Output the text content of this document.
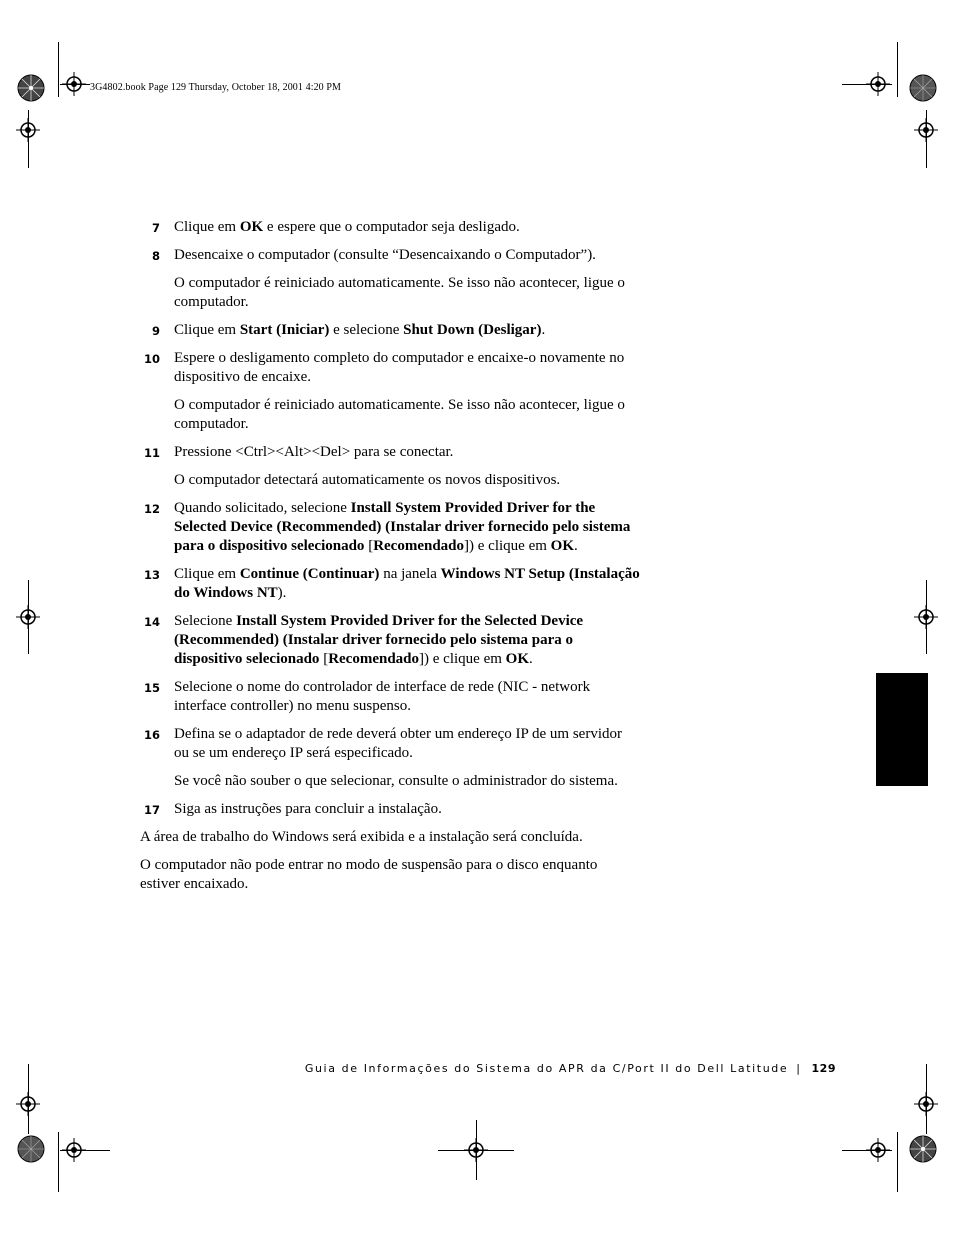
3G4802.book Page 129 Thursday, October 18, 2001 4:20 PM
7 Clique em OK e espere que o computador seja desligado.
8 Desencaixe o computador (consulte “Desencaixando o Computador”).
O computador é reiniciado automaticamente. Se isso não acontecer, ligue o computador.
9 Clique em Start (Iniciar) e selecione Shut Down (Desligar).
10 Espere o desligamento completo do computador e encaixe-o novamente no dispositivo de encaixe.
O computador é reiniciado automaticamente. Se isso não acontecer, ligue o computador.
11 Pressione <Ctrl><Alt><Del> para se conectar.
O computador detectará automaticamente os novos dispositivos.
12 Quando solicitado, selecione Install System Provided Driver for the Selected Device (Recommended) (Instalar driver fornecido pelo sistema para o dispositivo selecionado [Recomendado]) e clique em OK.
13 Clique em Continue (Continuar) na janela Windows NT Setup (Instalação do Windows NT).
14 Selecione Install System Provided Driver for the Selected Device (Recommended) (Instalar driver fornecido pelo sistema para o dispositivo selecionado [Recomendado]) e clique em OK.
15 Selecione o nome do controlador de interface de rede (NIC - network interface controller) no menu suspenso.
16 Defina se o adaptador de rede deverá obter um endereço IP de um servidor ou se um endereço IP será especificado.
Se você não souber o que selecionar, consulte o administrador do sistema.
17 Siga as instruções para concluir a instalação.
A área de trabalho do Windows será exibida e a instalação será concluída.
O computador não pode entrar no modo de suspensão para o disco enquanto estiver encaixado.
Guia de Informações do Sistema do APR da C/Port II do Dell Latitude | 129
